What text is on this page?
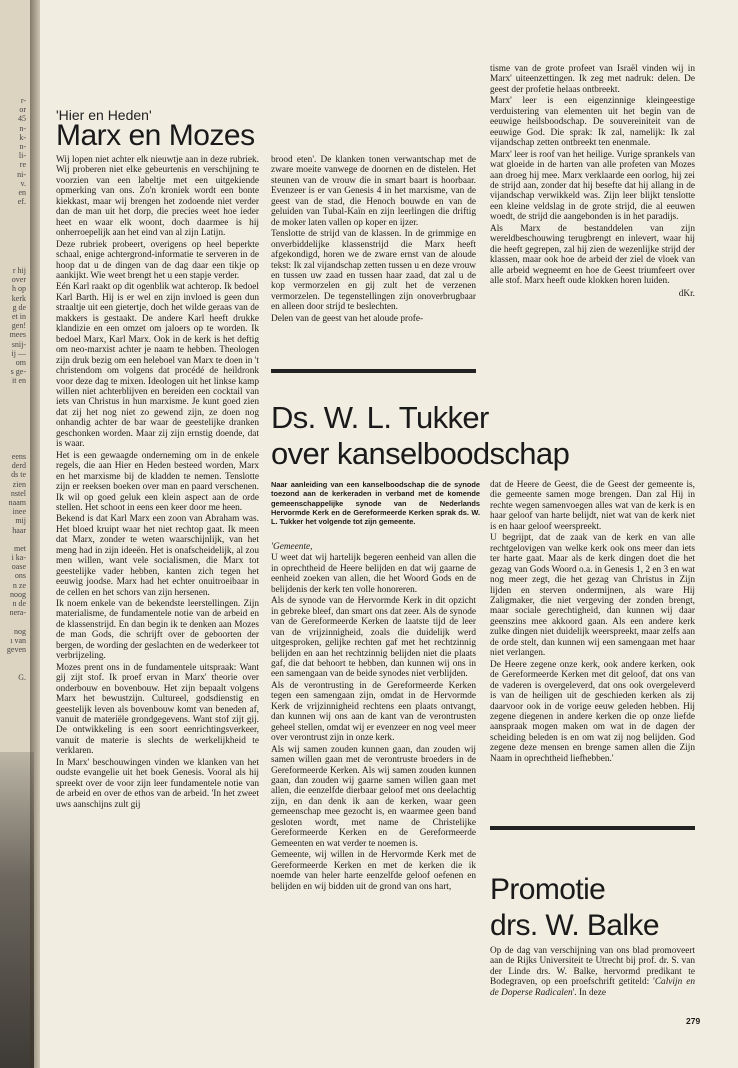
r-
or
45
n-
k-
n-
li-
re
ni-
v.
en
ef.
r hij
over
h op
kerk
g de
et in
gen!
mees
snij-
ij —
om
s ge-
it en
eens
derd
ds te
zien
nstel
naam
inee
mij
haar
met
i ka-
oase
ons
n ze
noog
n de
nera-
nog
ı van
geven
G.
'Hier en Heden'
Marx en Mozes

Wij lopen niet achter elk nieuwtje aan in deze rubriek. Wij proberen niet elke gebeurtenis en verschijning te voorzien van een labeltje met een uitgekiende opmerking van ons. Zo'n kroniek wordt een bonte kiekkast, maar wij brengen het zodoende niet verder dan de man uit het dorp, die precies weet hoe ieder heet en waar elk woont, doch daarmee is hij onherroepelijk aan het eind van al zijn Latijn.

Deze rubriek probeert, overigens op heel beperkte schaal, enige achtergrond-informatie te serveren in de hoop dat u de dingen van de dag daar een tikje op aankijkt. Wie weet brengt het u een stapje verder.

Eén Karl raakt op dit ogenblik wat achterop. Ik bedoel Karl Barth. Hij is er wel en zijn invloed is geen dun straaltje uit een gietertje, doch het wilde geraas van de makkers is gestaakt. De andere Karl heeft drukke klandizie en een omzet om jaloers op te worden. Ik bedoel Marx, Karl Marx. Ook in de kerk is het deftig om neo-marxist achter je naam te hebben. Theologen zijn druk bezig om een heleboel van Marx te doen in 't christendom om volgens dat procédé de heildronk voor deze dag te mixen. Ideologen uit het linkse kamp willen niet achterblijven en bereiden een cocktail van iets van Christus in hun marxisme. Je kunt goed zien dat zij het nog niet zo gewend zijn, ze doen nog onhandig achter de bar waar de geestelijke dranken geschonken worden. Maar zij zijn ernstig doende, dat is waar.

Het is een gewaagde onderneming om in de enkele regels, die aan Hier en Heden besteed worden, Marx en het marxisme bij de kladden te nemen. Tenslotte zijn er reeksen boeken over man en paard verschenen. Ik wil op goed geluk een klein aspect aan de orde stellen. Het schoot in eens een keer door me heen.

Bekend is dat Karl Marx een zoon van Abraham was. Het bloed kruipt waar het niet rechtop gaat. Ik meen dat Marx, zonder te weten waarschijnlijk, van het meng had in zijn ideeën. Het is onafscheidelijk, al zou men willen, want vele socialismen, die Marx tot geestelijke vader hebben, kanten zich tegen het eeuwig joodse. Marx had het echter onuitroeibaar in de cellen en het schors van zijn hersenen.

Ik noem enkele van de bekendste leerstellingen. Zijn materialisme, de fundamentele notie van de arbeid en de klassenstrijd. En dan begin ik te denken aan Mozes de man Gods, die schrijft over de geboorten der bergen, de wording der geslachten en de wederkeer tot verbrijzeling.

Mozes prent ons in de fundamentele uitspraak: Want gij zijt stof. Ik proef ervan in Marx' theorie over onderbouw en bovenbouw. Het zijn bepaalt volgens Marx het bewustzijn. Cultureel, godsdienstig en geestelijk leven als bovenbouw komt van beneden af, vanuit de materiële grondgegevens. Want stof zijt gij. De ontwikkeling is een soort eenrichtingsverkeer, vanuit de materie is slechts de werkelijkheid te verklaren.

In Marx' beschouwingen vinden we klanken van het oudste evangelie uit het boek Genesis. Vooral als hij spreekt over de voor zijn leer fundamentele notie van de arbeid en over de ethos van de arbeid. 'In het zweet uws aanschijns zult gij

brood eten'. De klanken tonen verwantschap met de zware moeite vanwege de doornen en de distelen. Het steunen van de vrouw die in smart baart is hoorbaar. Evenzeer is er van Genesis 4 in het marxisme, van de geest van de stad, die Henoch bouwde en van de geluiden van Tubal-Kaïn en zijn leerlingen die driftig de moker laten vallen op koper en ijzer.

Tenslotte de strijd van de klassen. In de grimmige en onverbiddelijke klassenstrijd die Marx heeft afgekondigd, horen we de zware ernst van de aloude tekst: Ik zal vijandschap zetten tussen u en deze vrouw en tussen uw zaad en tussen haar zaad, dat zal u de kop vermorzelen en gij zult het de verzenen vermorzelen. De tegenstellingen zijn onoverbrugbaar en alleen door strijd te beslechten.

Delen van de geest van het aloude profe-

tisme van de grote profeet van Israël vinden wij in Marx' uiteenzettingen. Ik zeg met nadruk: delen. De geest der profetie helaas ontbreekt.

Marx' leer is een eigenzinnige kleingeestige verduistering van elementen uit het begin van de eeuwige heilsboodschap. De souvereiniteit van de eeuwige God. Die sprak: Ik zal, namelijk: Ik zal vijandschap zetten ontbreekt ten enenmale.

Marx' leer is roof van het heilige. Vurige sprankels van wat gloeide in de harten van alle profeten van Mozes aan droeg hij mee. Marx verklaarde een oorlog, hij zei de strijd aan, zonder dat hij besefte dat hij allang in de vijandschap verwikkeld was. Zijn leer blijkt tenslotte een kleine veldslag in de grote strijd, die al eeuwen woedt, de strijd die aangebonden is in het paradijs.

Als Marx de bestanddelen van zijn wereldbeschouwing terugbrengt en inlevert, waar hij die heeft gegrepen, zal hij zien de wezenlijke strijd der klassen, maar ook hoe de arbeid der ziel de vloek van alle arbeid wegneemt en hoe de Geest triumfeert over alle stof. Marx heeft oude klokken horen luiden.

dKr.
Ds. W. L. Tukker
over kanselboodschap
Naar aanleiding van een kanselboodschap die de synode toezond aan de kerkeraden in verband met de komende gemeenschappelijke synode van de Nederlands Hervormde Kerk en de Gereformeerde Kerken sprak ds. W. L. Tukker het volgende tot zijn gemeente.

'Gemeente,

U weet dat wij hartelijk begeren eenheid van allen die in oprechtheid de Heere belijden en dat wij gaarne de eenheid zoeken van allen, die het Woord Gods en de belijdenis der kerk ten volle honoreren.

Als de synode van de Hervormde Kerk in dit opzicht in gebreke bleef, dan smart ons dat zeer. Als de synode van de Gereformeerde Kerken de laatste tijd de leer van de vrijzinnigheid, zoals die duidelijk werd uitgesproken, gelijke rechten gaf met het rechtzinnig belijden en aan het rechtzinnig belijden niet die plaats gaf, die dat behoort te hebben, dan kunnen wij ons in een samengaan van de beide synodes niet verblijden.

Als de verontrusting in de Gereformeerde Kerken tegen een samengaan zijn, omdat in de Hervormde Kerk de vrijzinnigheid rechtens een plaats ontvangt, dan kunnen wij ons aan de kant van de verontrusten geheel stellen, omdat wij er evenzeer en nog veel meer over verontrust zijn in onze kerk.

Als wij samen zouden kunnen gaan, dan zouden wij samen willen gaan met de verontruste broeders in de Gereformeerde Kerken. Als wij samen zouden kunnen gaan, dan zouden wij gaarne samen willen gaan met allen, die eenzelfde dierbaar geloof met ons deelachtig zijn, en dan denk ik aan de kerken, waar geen gemeenschap mee gezocht is, en waarmee geen band gesloten wordt, met name de Christelijke Gereformeerde Kerken en de Gereformeerde Gemeenten en wat verder te noemen is.

Gemeente, wij willen in de Hervormde Kerk met de Gereformeerde Kerken en met de kerken die ik noemde van heler harte eenzelfde geloof oefenen en belijden en wij bidden uit de grond van ons hart,

dat de Heere de Geest, die de Geest der gemeente is, die gemeente samen moge brengen. Dan zal Hij in rechte wegen samenvoegen alles wat van de kerk is en haar geloof van harte belijdt, niet wat van de kerk niet is en haar geloof weerspreekt.

U begrijpt, dat de zaak van de kerk en van alle rechtgelovigen van welke kerk ook ons meer dan iets ter harte gaat. Maar als de kerk dingen doet die het gezag van Gods Woord o.a. in Genesis 1, 2 en 3 en wat nog meer zegt, die het gezag van Christus in Zijn lijden en sterven ondermijnen, als ware Hij Zaligmaker, die niet vergeving der zonden brengt, maar sociale gerechtigheid, dan kunnen wij daar geenszins mee akkoord gaan. Als een andere kerk zulke dingen niet duidelijk weerspreekt, maar zelfs aan de orde stelt, dan kunnen wij een samengaan met haar niet verlangen.

De Heere zegene onze kerk, ook andere kerken, ook de Gereformeerde Kerken met dit geloof, dat ons van de vaderen is overgeleverd, dat ons ook overgeleverd is van de heiligen uit de geschieden kerken als zij daarvoor ook in de vorige eeuw geleden hebben. Hij zegene diegenen in andere kerken die op onze liefde aanspraak mogen maken om wat in de dagen der scheiding beleden is en om wat zij nog belijden. God zegene deze mensen en brenge samen allen die Zijn Naam in oprechtheid liefhebben.'

Promotie
drs. W. Balke

Op de dag van verschijning van ons blad promoveert aan de Rijks Universiteit te Utrecht bij prof. dr. S. van der Linde drs. W. Balke, hervormd predikant te Bodegraven, op een proefschrift getiteld: 'Calvijn en de Doperse Radicalen'. In deze

279
